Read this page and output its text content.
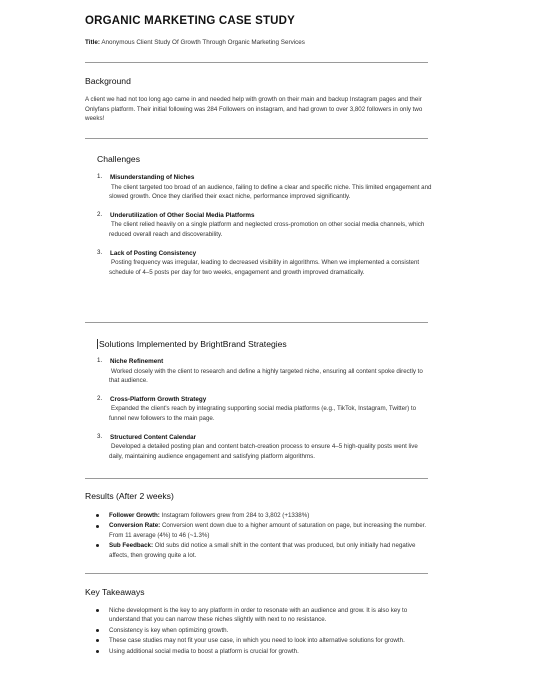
ORGANIC MARKETING CASE STUDY
Title: Anonymous Client Study Of Growth Through Organic Marketing Services
Background
A client we had not too long ago came in and needed help with growth on their main and backup Instagram pages and their Onlyfans platform. Their initial following was 284 Followers on instagram, and had grown to over 3,802 followers in only two weeks!
Challenges
1. Misunderstanding of Niches
The client targeted too broad of an audience, failing to define a clear and specific niche. This limited engagement and slowed growth. Once they clarified their exact niche, performance improved significantly.
2. Underutilization of Other Social Media Platforms
The client relied heavily on a single platform and neglected cross-promotion on other social media channels, which reduced overall reach and discoverability.
3. Lack of Posting Consistency
Posting frequency was irregular, leading to decreased visibility in algorithms. When we implemented a consistent schedule of 4–5 posts per day for two weeks, engagement and growth improved dramatically.
Solutions Implemented by BrightBrand Strategies
1. Niche Refinement
Worked closely with the client to research and define a highly targeted niche, ensuring all content spoke directly to that audience.
2. Cross-Platform Growth Strategy
Expanded the client's reach by integrating supporting social media platforms (e.g., TikTok, Instagram, Twitter) to funnel new followers to the main page.
3. Structured Content Calendar
Developed a detailed posting plan and content batch-creation process to ensure 4–5 high-quality posts went live daily, maintaining audience engagement and satisfying platform algorithms.
Results (After 2 weeks)
Follower Growth: Instagram followers grew from 284 to 3,802 (+1338%)
Conversion Rate: Conversion went down due to a higher amount of saturation on page, but increasing the number. From 11 average (4%) to 46 (~1.3%)
Sub Feedback: Old subs did notice a small shift in the content that was produced, but only initially had negative affects, then growing quite a lot.
Key Takeaways
Niche development is the key to any platform in order to resonate with an audience and grow. It is also key to understand that you can narrow these niches slightly with next to no resistance.
Consistency is key when optimizing growth.
These case studies may not fit your use case, in which you need to look into alternative solutions for growth.
Using additional social media to boost a platform is crucial for growth.
